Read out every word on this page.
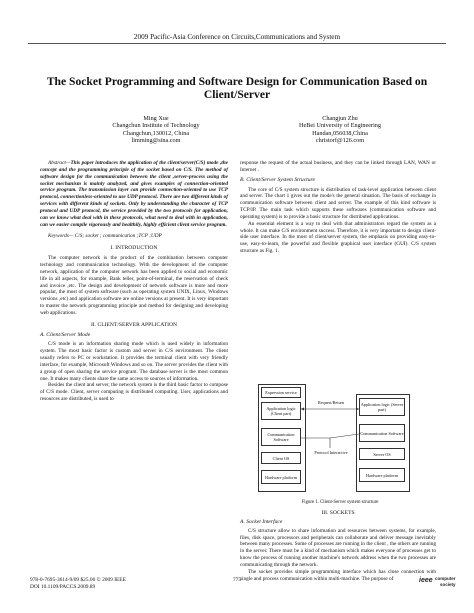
2009 Pacific-Asia Conference on Circuits,Communications and System
The Socket Programming and Software Design for Communication Based on
Client/Server
Ming Xue
Changchun Institute of Technology
Changchun,130012, China
limming@sina.com
Changjun Zhu
HeBei University of Engineering
Handan,056038,China
christorf@126.com

Abstract—This paper introduces the application of the client/server(C/S) mode ,the concept and the programming principle of the socket based on C/S. The method of software design for the communication between the client ,server-process using the socket mechanism is mainly analyzed, and gives examples of connection-oriented service program. The transmission layer can provide connection-oriented to use TCP protocol, connectionless-oriented to use UDP protocol. There are two different kinds of services with different kinds of sockets. Only by understanding the character of TCP protocol and UDP protocol, the service provided by the two protocols for application, can we know what deal with in these protocols, what need to deal with in application, can we easier compile vigorously and healthily, highly efficient client service program.

Keywords— C/S; socket ; communication ;TCP ;UDP

I. INTRODUCTION

The computer network is the product of the combination between computer technology and communication technology. With the development of the computer network, application of the computer network has been applied to social and economic life in all aspects, for example, Bank teller, point-of-terminal, the reservation of check and invoice ,etc. The design and development of network software is more and more popular, the most of system software (such as operating system UNIX, Linux, Windows versions ,etc) and application software are online versions at present. It is very important to master the network programming principle and method for designing and developing web applications.

II. CLIENT/SERVER APPLICATION

A. Client/Server Mode

C/S mode is an information sharing mode which is used widely in information system. The most basic factor is custom and server in C/S environment. The client usually refers to PC or workstation. It provides the terminal client with very friendly interface, for example, Microsoft Windows and so on. The server provides the client with a group of open sharing the service program. The database server is the most common one. It makes many clients share the same access to sources of information.

Besides the client and server, the network system is the third basic factor to compose of C/S mode. Client, server computing is distributed computing. User, applications and resources are distributed, is used to

response the request of the actual business, and they can be linked through LAN, WAN or Internet .

B. Client/Server System Structure

The core of C/S system structure is distribution of task-level application between client and server. The chart 1 gives out the mode's the general situation. The basis of exchange in communication software between client and server. The example of this kind software is TCP/IP. The main task which supports these softwares (communication software and operating system) is to provide a basic structure for distributed applications.

An essential element is a way to deal with that administrators regard the system as a whole. It can make C/S environment success. Therefore, it is very important to design client-side user interface. In the most of client/server system, the emphasis on providing easy-to-use, easy-to-learn, the powerful and flexible graphical user interface (GUI). C/S system structure as Fig. 1.

Expression service
Application logic (Client part)
Application logic (Server part)
Communication Software
Communication Software
Client OS
Server OS
Hardware platform	Hardware platform
Request/Return
Protocol Interactive
Figure 1. Client-Server system structure

III. SOCKETS

A. Socket Interface

C/S structure allow to share information and resources between systems, for example, files, disk space, processors and peripherals can collaborate and deliver message inevitably between many processes. Some of processes are running in the client , the others are running in the server. There must be a kind of mechanism which makes everyone of processes get to know the process of running another machine's network address when the two processes are communicating through the network.

The socket provides simple programming interface which has close connection with single and process communication within multi-machine. The purpose of

978-0-7695-3614-9/09 $25.00 © 2009 IEEE
DOI 10.1109/PACCS.2009.89
775	ieee computer
society
